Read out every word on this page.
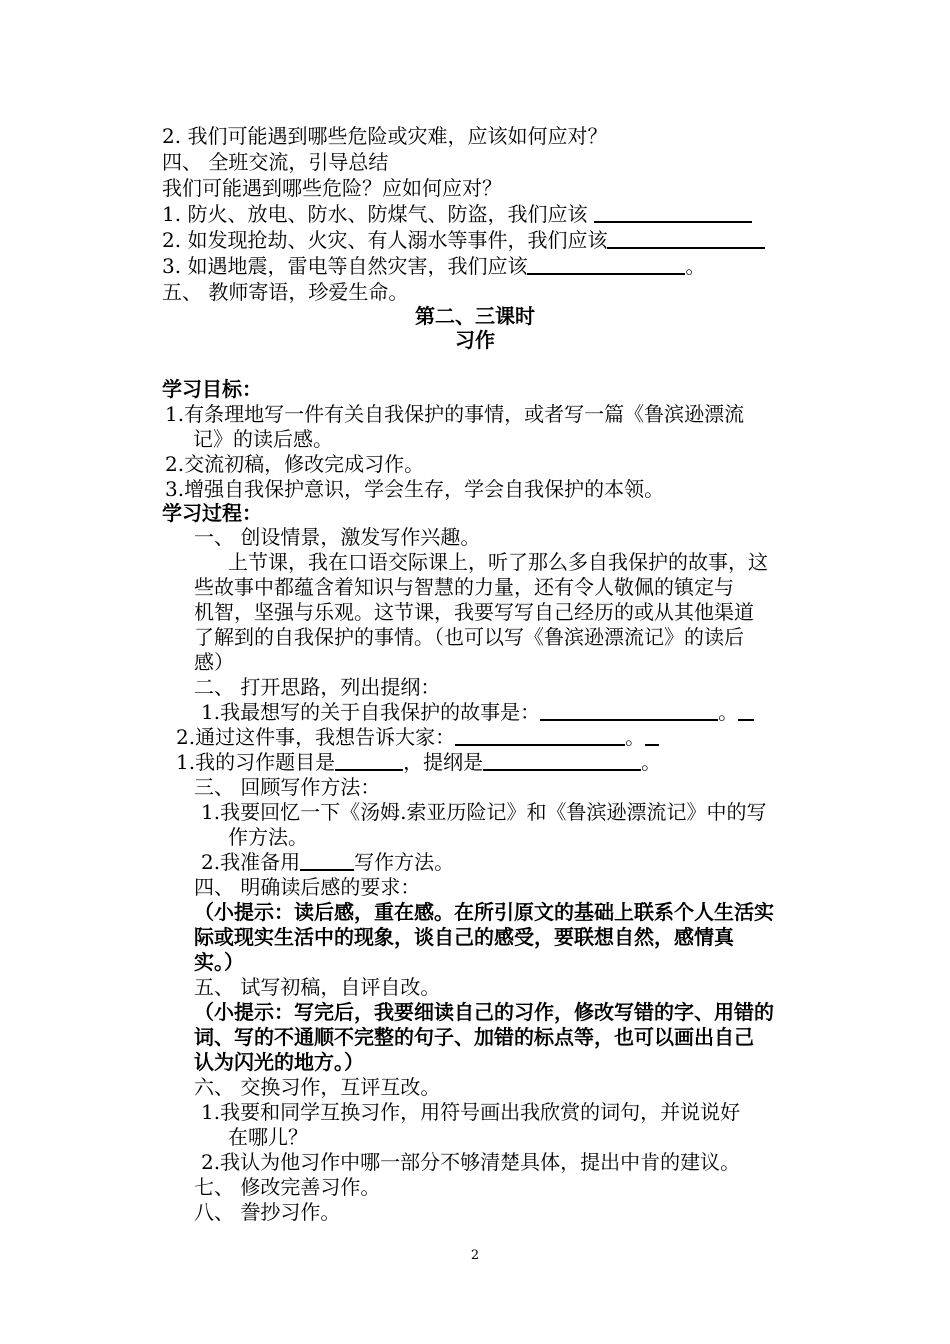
2. 我们可能遇到哪些危险或灾难，应该如何应对？
四、 全班交流，引导总结
我们可能遇到哪些危险？应如何应对？
1. 防火、放电、防水、防煤气、防盗，我们应该
2. 如发现抢劫、火灾、有人溺水等事件，我们应该
3. 如遇地震，雷电等自然灾害，我们应该	。
五、 教师寄语，珍爱生命。
第二、三课时
习作
学习目标：
1.有条理地写一件有关自我保护的事情，或者写一篇《鲁滨逊漂流
记》的读后感。
2.交流初稿，修改完成习作。
3.增强自我保护意识，学会生存，学会自我保护的本领。
学习过程：
一、 创设情景，激发写作兴趣。
上节课，我在口语交际课上，听了那么多自我保护的故事，这
些故事中都蕴含着知识与智慧的力量，还有令人敬佩的镇定与
机智，坚强与乐观。这节课，我要写写自己经历的或从其他渠道
了解到的自我保护的事情。（也可以写《鲁滨逊漂流记》的读后
感）
二、 打开思路，列出提纲：
1.我最想写的关于自我保护的故事是：	。
2.通过这件事，我想告诉大家：	。
1.我的习作题目是	，提纲是	。
三、 回顾写作方法：
1.我要回忆一下《汤姆.索亚历险记》和《鲁滨逊漂流记》中的写
作方法。
2.我准备用	写作方法。
四、 明确读后感的要求：
（小提示：读后感，重在感。在所引原文的基础上联系个人生活实
际或现实生活中的现象，谈自己的感受，要联想自然，感情真
实。）
五、 试写初稿，自评自改。
（小提示：写完后，我要细读自己的习作，修改写错的字、用错的
词、写的不通顺不完整的句子、加错的标点等，也可以画出自己
认为闪光的地方。）
六、 交换习作，互评互改。
1.我要和同学互换习作，用符号画出我欣赏的词句，并说说好
在哪儿？
2.我认为他习作中哪一部分不够清楚具体，提出中肯的建议。
七、 修改完善习作。
八、 誊抄习作。
2
